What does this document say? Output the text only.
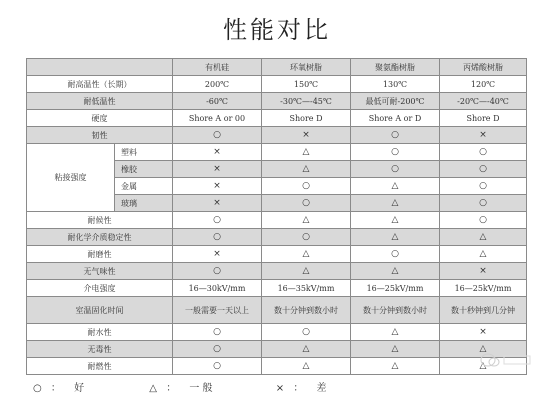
性能对比
		有机硅	环氧树脂	聚氨酯树脂	丙烯酸树脂
耐高温性（长期）		200℃	150℃	130℃	120℃
耐低温性		-60℃	-30℃—-45℃	最低可耐-200℃	-20℃—-40℃
硬度		Shore A or 00	Shore D	Shore A or D	Shore D
韧性		○	×	○	×
粘接强度	塑料	×	△	○	○
	橡胶	×	△	○	○
	金属	×	○	△	○
	玻璃	×	○	△	○
耐候性		○	△	△	○
耐化学介质稳定性		○	○	△	△
耐磨性		×	△	○	△
无气味性		○	△	△	×
介电强度		16—30kV/mm	16—35kV/mm	16—25kV/mm	16—25kV/mm
室温固化时间		一般需要一天以上	数十分钟到数小时	数十分钟到数小时	数十秒钟到几分钟
耐水性		○	○	△	×
无毒性		○	△	△	△
耐燃性		○	△	△	△
○ ： 好	△ ： 一 般	× ： 差
